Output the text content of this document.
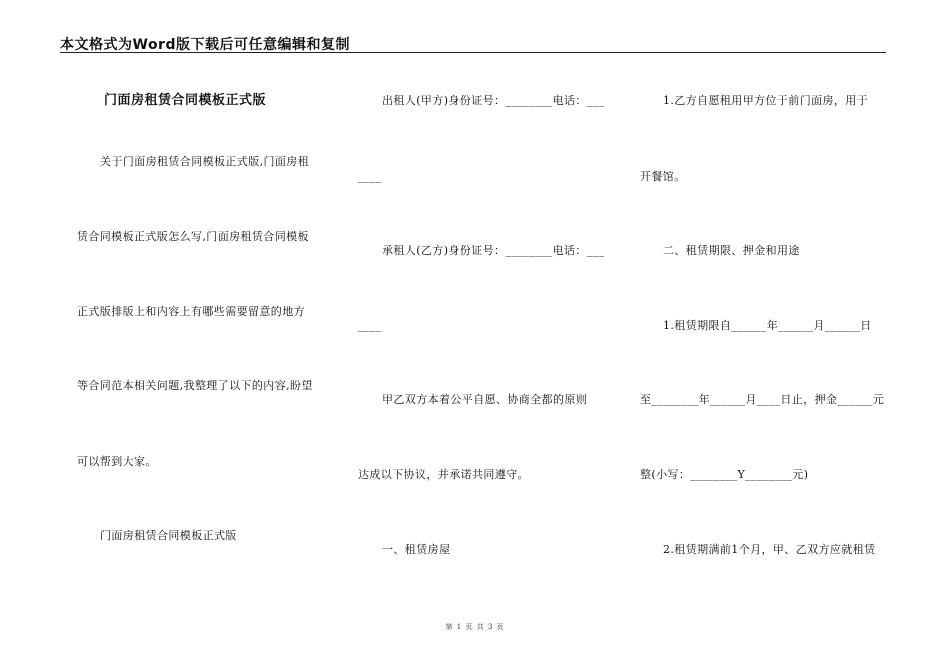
本文格式为Word版下载后可任意编辑和复制
门面房租赁合同模板正式版
关于门面房租赁合同模板正式版,门面房租
赁合同模板正式版怎么写,门面房租赁合同模板
正式版排版上和内容上有哪些需要留意的地方
等合同范本相关问题,我整理了以下的内容,盼望
可以帮到大家。
门面房租赁合同模板正式版
出租人(甲方)身份证号：________电话：___
____
承租人(乙方)身份证号：________电话：___
____
甲乙双方本着公平自愿、协商全都的原则
达成以下协议，并承诺共同遵守。
一、租赁房屋
1.乙方自愿租用甲方位于前门面房，用于
开餐馆。
二、租赁期限、押金和用途
1.租赁期限自______年______月______日
至________年______月____日止，押金______元
整(小写：________Y________元)
2.租赁期满前1个月，甲、乙双方应就租赁
第 1 页 共 3 页
